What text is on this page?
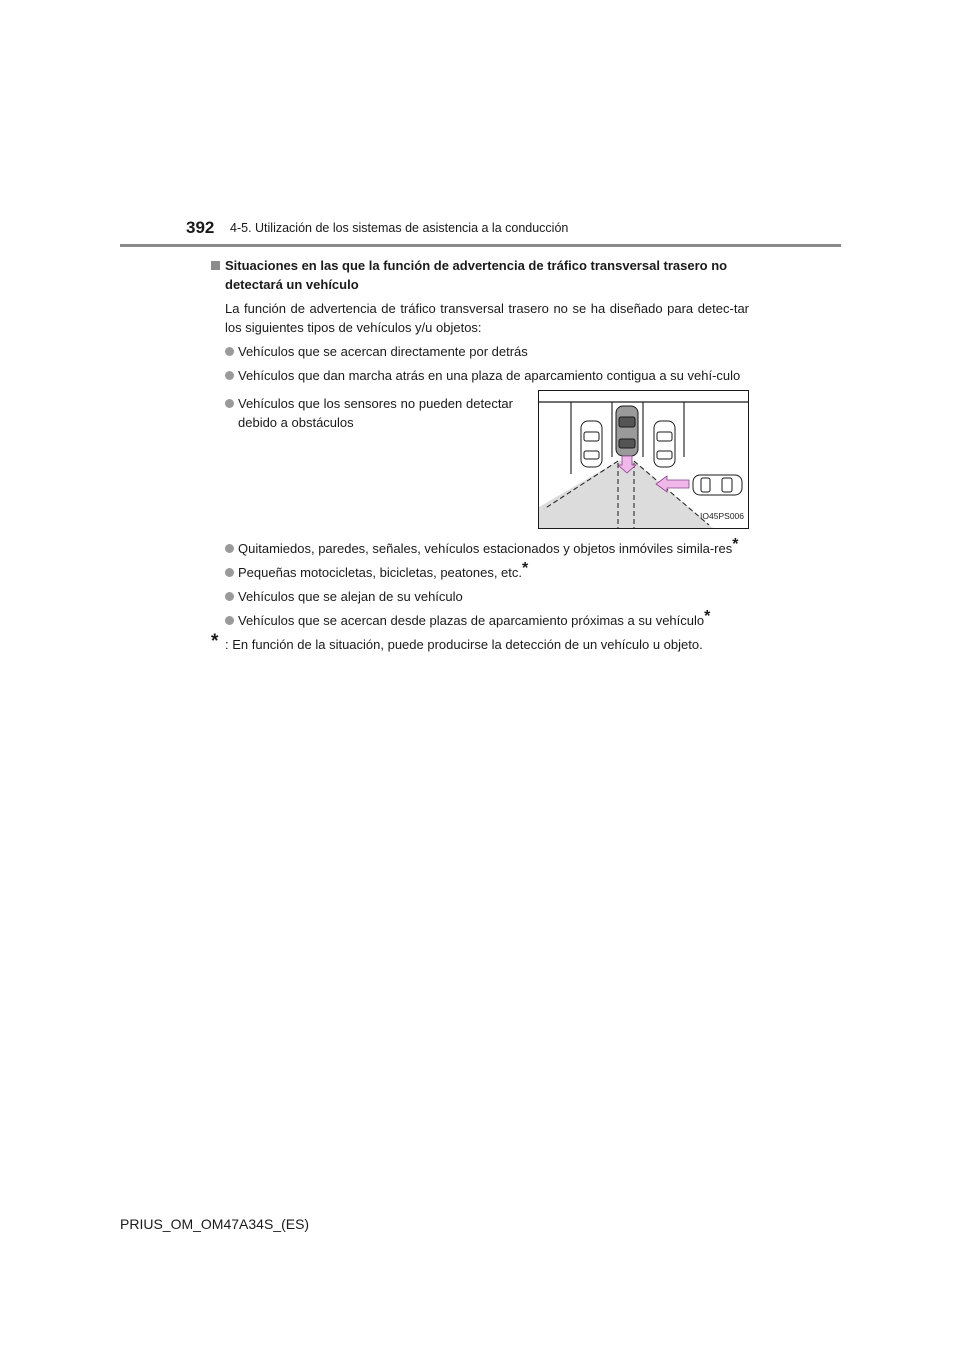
392 4-5. Utilización de los sistemas de asistencia a la conducción

Situaciones en las que la función de advertencia de tráfico transversal trasero no detectará un vehículo

La función de advertencia de tráfico transversal trasero no se ha diseñado para detec-tar los siguientes tipos de vehículos y/u objetos:

Vehículos que se acercan directamente por detrás

Vehículos que dan marcha atrás en una plaza de aparcamiento contigua a su vehí-culo

Vehículos que los sensores no pueden detectar debido a obstáculos

IO45PS006

Quitamiedos, paredes, señales, vehículos estacionados y objetos inmóviles simila-res*

Pequeñas motocicletas, bicicletas, peatones, etc.*

Vehículos que se alejan de su vehículo

Vehículos que se acercan desde plazas de aparcamiento próximas a su vehículo*

* : En función de la situación, puede producirse la detección de un vehículo u objeto.

PRIUS_OM_OM47A34S_(ES)
